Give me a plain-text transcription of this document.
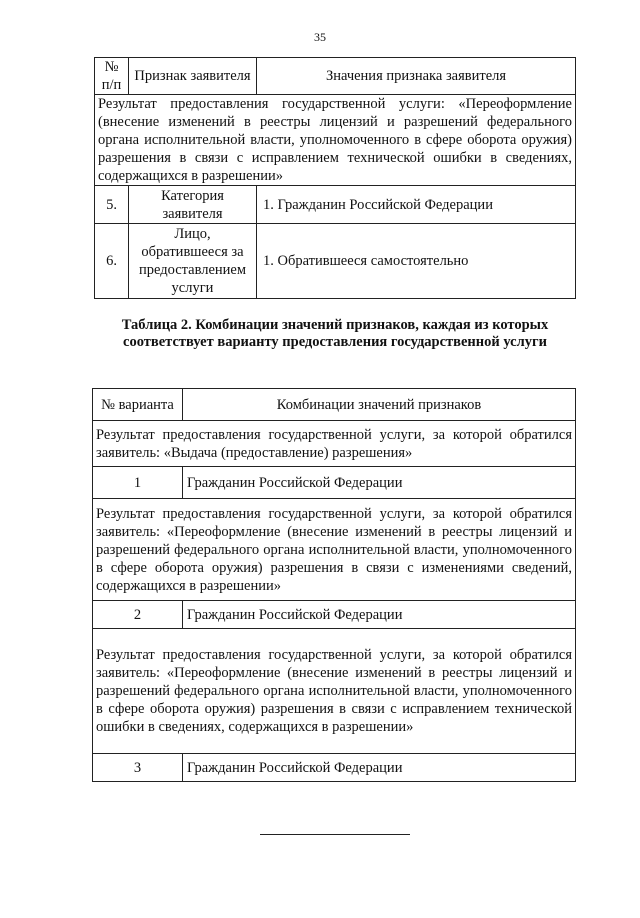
35
№ п/п	Признак заявителя	Значения признака заявителя
Результат предоставления государственной услуги: «Переоформление (внесение изменений в реестры лицензий и разрешений федерального органа исполнительной власти, уполномоченного в сфере оборота оружия) разрешения в связи с исправлением технической ошибки в сведениях, содержащихся в разрешении»		
5.	Категория заявителя	1. Гражданин Российской Федерации
6.	Лицо, обратившееся за предоставлением услуги	1. Обратившееся самостоятельно
Таблица 2. Комбинации значений признаков, каждая из которых соответствует варианту предоставления государственной услуги
№ варианта	Комбинации значений признаков
Результат предоставления государственной услуги, за которой обратился заявитель: «Выдача (предоставление) разрешения»	
1	Гражданин Российской Федерации
Результат предоставления государственной услуги, за которой обратился заявитель: «Переоформление (внесение изменений в реестры лицензий и разрешений федерального органа исполнительной власти, уполномоченного в сфере оборота оружия) разрешения в связи с изменениями сведений, содержащихся в разрешении»	
2	Гражданин Российской Федерации
Результат предоставления государственной услуги, за которой обратился заявитель: «Переоформление (внесение изменений в реестры лицензий и разрешений федерального органа исполнительной власти, уполномоченного в сфере оборота оружия) разрешения в связи с исправлением технической ошибки в сведениях, содержащихся в разрешении»	
3	Гражданин Российской Федерации
